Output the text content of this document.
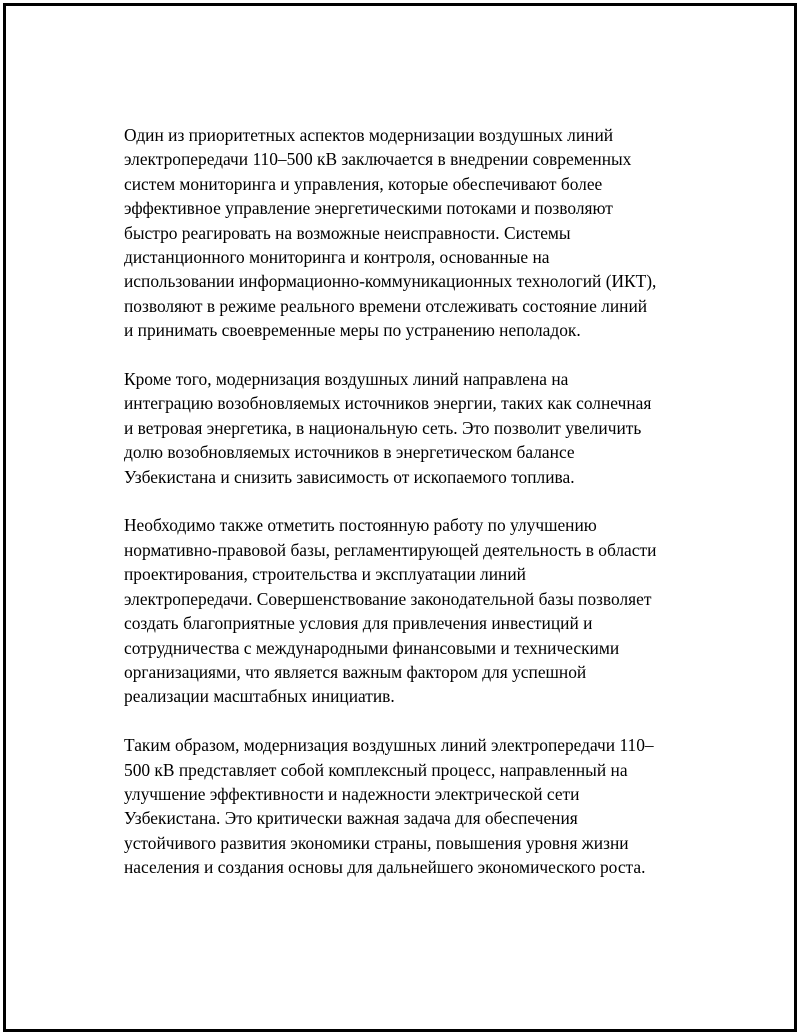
Один из приоритетных аспектов модернизации воздушных линий
электропередачи 110–500 кВ заключается в внедрении современных
систем мониторинга и управления, которые обеспечивают более
эффективное управление энергетическими потоками и позволяют
быстро реагировать на возможные неисправности. Системы
дистанционного мониторинга и контроля, основанные на
использовании информационно-коммуникационных технологий (ИКТ),
позволяют в режиме реального времени отслеживать состояние линий
и принимать своевременные меры по устранению неполадок.

Кроме того, модернизация воздушных линий направлена на
интеграцию возобновляемых источников энергии, таких как солнечная
и ветровая энергетика, в национальную сеть. Это позволит увеличить
долю возобновляемых источников в энергетическом балансе
Узбекистана и снизить зависимость от ископаемого топлива.

Необходимо также отметить постоянную работу по улучшению
нормативно-правовой базы, регламентирующей деятельность в области
проектирования, строительства и эксплуатации линий
электропередачи. Совершенствование законодательной базы позволяет
создать благоприятные условия для привлечения инвестиций и
сотрудничества с международными финансовыми и техническими
организациями, что является важным фактором для успешной
реализации масштабных инициатив.

Таким образом, модернизация воздушных линий электропередачи 110–
500 кВ представляет собой комплексный процесс, направленный на
улучшение эффективности и надежности электрической сети
Узбекистана. Это критически важная задача для обеспечения
устойчивого развития экономики страны, повышения уровня жизни
населения и создания основы для дальнейшего экономического роста.
